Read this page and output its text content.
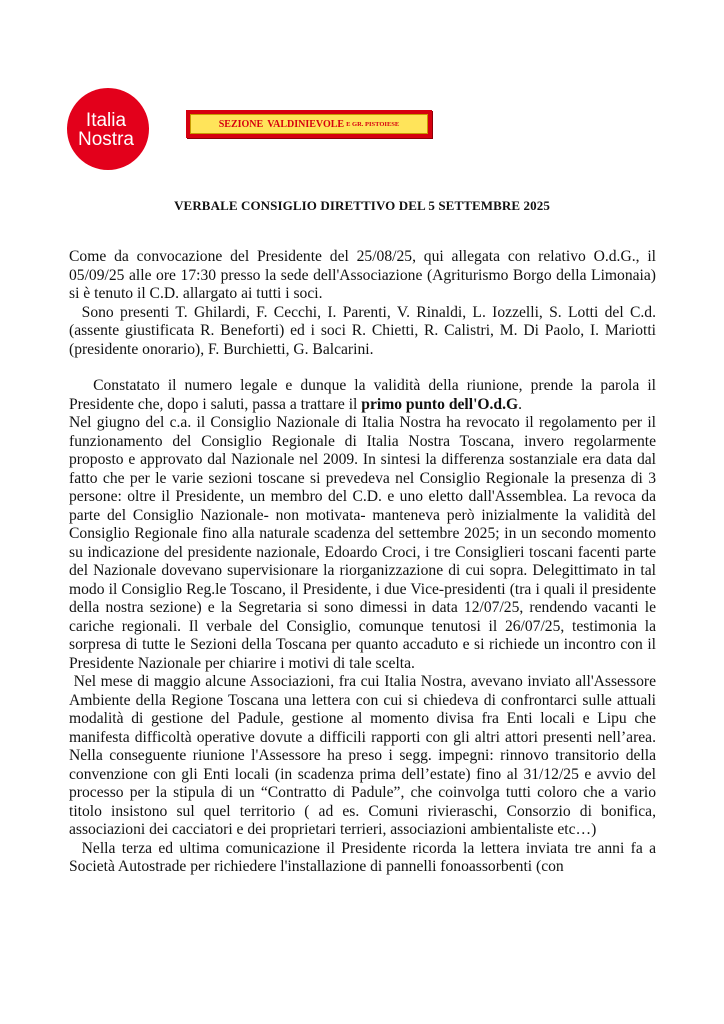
Italia
Nostra
SEZIONE
VALDINIEVOLE E GR. PISTOIESE
VERBALE CONSIGLIO DIRETTIVO DEL 5 SETTEMBRE 2025

Come da convocazione del Presidente del 25/08/25, qui allegata con relativo O.d.G., il 05/09/25 alle ore 17:30 presso la sede dell'Associazione (Agriturismo Borgo della Limonaia) si è tenuto il C.D. allargato ai tutti i soci.

Sono presenti T. Ghilardi, F. Cecchi, I. Parenti, V. Rinaldi, L. Iozzelli, S. Lotti del C.d. (assente giustificata R. Beneforti) ed i soci R. Chietti, R. Calistri, M. Di Paolo, I. Mariotti (presidente onorario), F. Burchietti, G. Balcarini.

Constatato il numero legale e dunque la validità della riunione, prende la parola il Presidente che, dopo i saluti, passa a trattare il primo punto dell'O.d.G.

Nel giugno del c.a. il Consiglio Nazionale di Italia Nostra ha revocato il regolamento per il funzionamento del Consiglio Regionale di Italia Nostra Toscana, invero regolarmente proposto e approvato dal Nazionale nel 2009. In sintesi la differenza sostanziale era data dal fatto che per le varie sezioni toscane si prevedeva nel Consiglio Regionale la presenza di 3 persone: oltre il Presidente, un membro del C.D. e uno eletto dall'Assemblea. La revoca da parte del Consiglio Nazionale- non motivata- manteneva però inizialmente la validità del Consiglio Regionale fino alla naturale scadenza del settembre 2025; in un secondo momento su indicazione del presidente nazionale, Edoardo Croci, i tre Consiglieri toscani facenti parte del Nazionale dovevano supervisionare la riorganizzazione di cui sopra. Delegittimato in tal modo il Consiglio Reg.le Toscano, il Presidente, i due Vice-presidenti (tra i quali il presidente della nostra sezione) e la Segretaria si sono dimessi in data 12/07/25, rendendo vacanti le cariche regionali. Il verbale del Consiglio, comunque tenutosi il 26/07/25, testimonia la sorpresa di tutte le Sezioni della Toscana per quanto accaduto e si richiede un incontro con il Presidente Nazionale per chiarire i motivi di tale scelta.

Nel mese di maggio alcune Associazioni, fra cui Italia Nostra, avevano inviato all'Assessore Ambiente della Regione Toscana una lettera con cui si chiedeva di confrontarci sulle attuali modalità di gestione del Padule, gestione al momento divisa fra Enti locali e Lipu che manifesta difficoltà operative dovute a difficili rapporti con gli altri attori presenti nell’area. Nella conseguente riunione l'Assessore ha preso i segg. impegni: rinnovo transitorio della convenzione con gli Enti locali (in scadenza prima dell’estate) fino al 31/12/25 e avvio del processo per la stipula di un “Contratto di Padule”, che coinvolga tutti coloro che a vario titolo insistono sul quel territorio ( ad es. Comuni rivieraschi, Consorzio di bonifica, associazioni dei cacciatori e dei proprietari terrieri, associazioni ambientaliste etc…)

Nella terza ed ultima comunicazione il Presidente ricorda la lettera inviata tre anni fa a Società Autostrade per richiedere l'installazione di pannelli fonoassorbenti (con
